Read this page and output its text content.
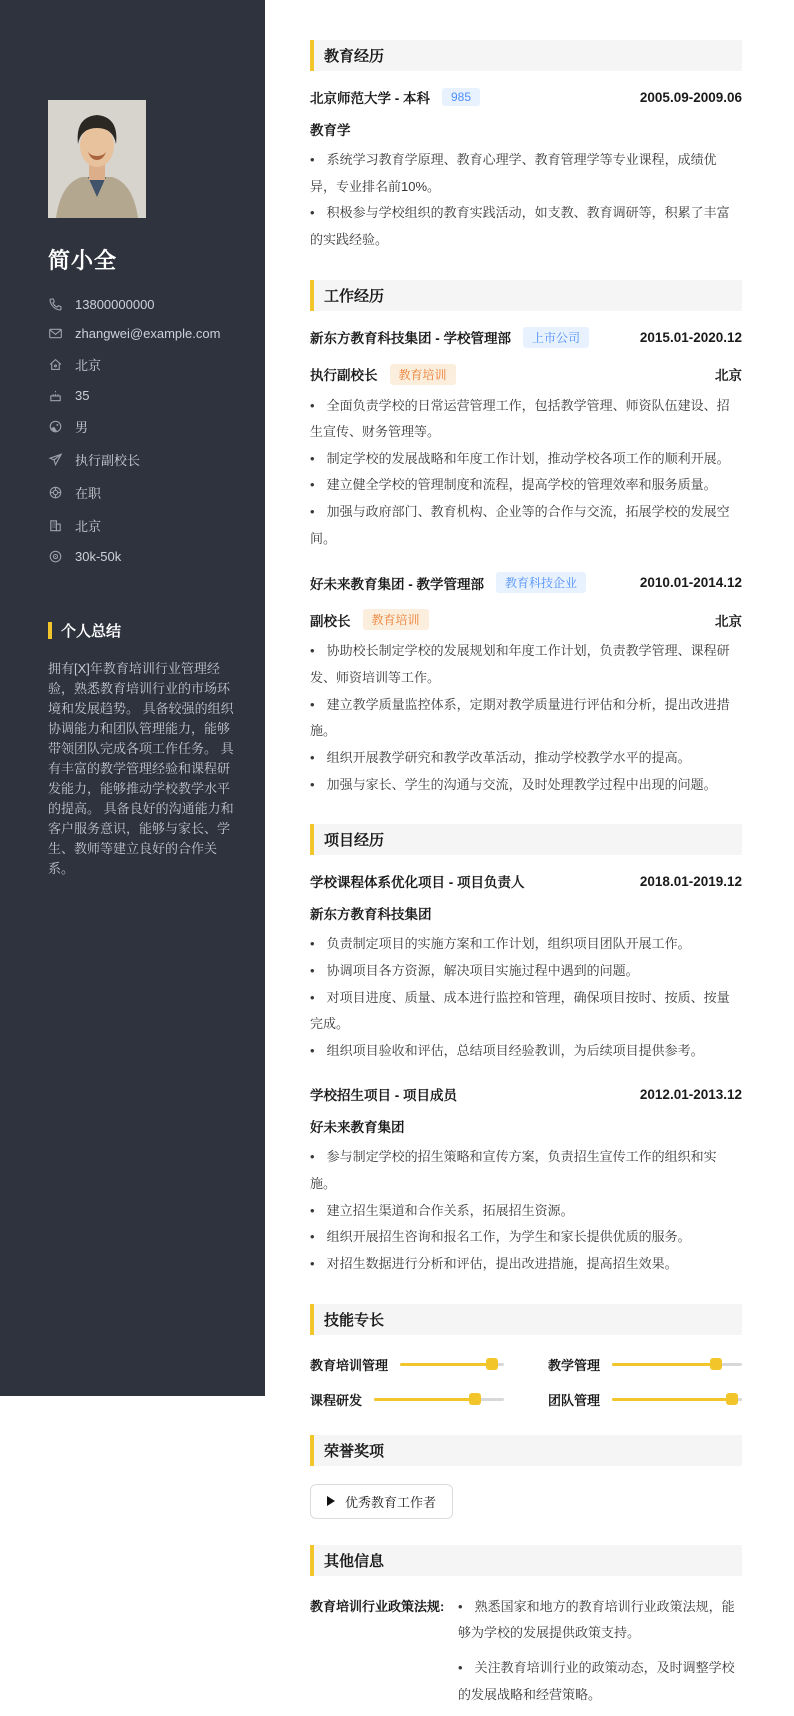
简小全
13800000000
zhangwei@example.com
北京
35
男
执行副校长
在职
北京
30k-50k
个人总结

拥有[X]年教育培训行业管理经验，熟悉教育培训行业的市场环境和发展趋势。 具备较强的组织协调能力和团队管理能力，能够带领团队完成各项工作任务。 具有丰富的教学管理经验和课程研发能力，能够推动学校教学水平的提高。 具备良好的沟通能力和客户服务意识，能够与家长、学生、教师等建立良好的合作关系。

教育经历
北京师范大学 - 本科	985	2005.09-2009.06
教育学
• 系统学习教育学原理、教育心理学、教育管理学等专业课程，成绩优异，专业排名前10%。
• 积极参与学校组织的教育实践活动，如支教、教育调研等，积累了丰富的实践经验。
工作经历
新东方教育科技集团 - 学校管理部	上市公司	2015.01-2020.12
执行副校长	教育培训	北京
• 全面负责学校的日常运营管理工作，包括教学管理、师资队伍建设、招生宣传、财务管理等。
• 制定学校的发展战略和年度工作计划，推动学校各项工作的顺利开展。
• 建立健全学校的管理制度和流程，提高学校的管理效率和服务质量。
• 加强与政府部门、教育机构、企业等的合作与交流，拓展学校的发展空间。
好未来教育集团 - 教学管理部	教育科技企业	2010.01-2014.12
副校长	教育培训	北京
• 协助校长制定学校的发展规划和年度工作计划，负责教学管理、课程研发、师资培训等工作。
• 建立教学质量监控体系，定期对教学质量进行评估和分析，提出改进措施。
• 组织开展教学研究和教学改革活动，推动学校教学水平的提高。
• 加强与家长、学生的沟通与交流，及时处理教学过程中出现的问题。
项目经历
学校课程体系优化项目 - 项目负责人	2018.01-2019.12
新东方教育科技集团
• 负责制定项目的实施方案和工作计划，组织项目团队开展工作。
• 协调项目各方资源，解决项目实施过程中遇到的问题。
• 对项目进度、质量、成本进行监控和管理，确保项目按时、按质、按量完成。
• 组织项目验收和评估，总结项目经验教训，为后续项目提供参考。
学校招生项目 - 项目成员	2012.01-2013.12
好未来教育集团
• 参与制定学校的招生策略和宣传方案，负责招生宣传工作的组织和实施。
• 建立招生渠道和合作关系，拓展招生资源。
• 组织开展招生咨询和报名工作，为学生和家长提供优质的服务。
• 对招生数据进行分析和评估，提出改进措施，提高招生效果。
技能专长
教育培训管理	教学管理
课程研发	团队管理
荣誉奖项
优秀教育工作者
其他信息
教育培训行业政策法规:	• 熟悉国家和地方的教育培训行业政策法规，能够为学校的发展提供政策支持。
• 关注教育培训行业的政策动态，及时调整学校的发展战略和经营策略。
